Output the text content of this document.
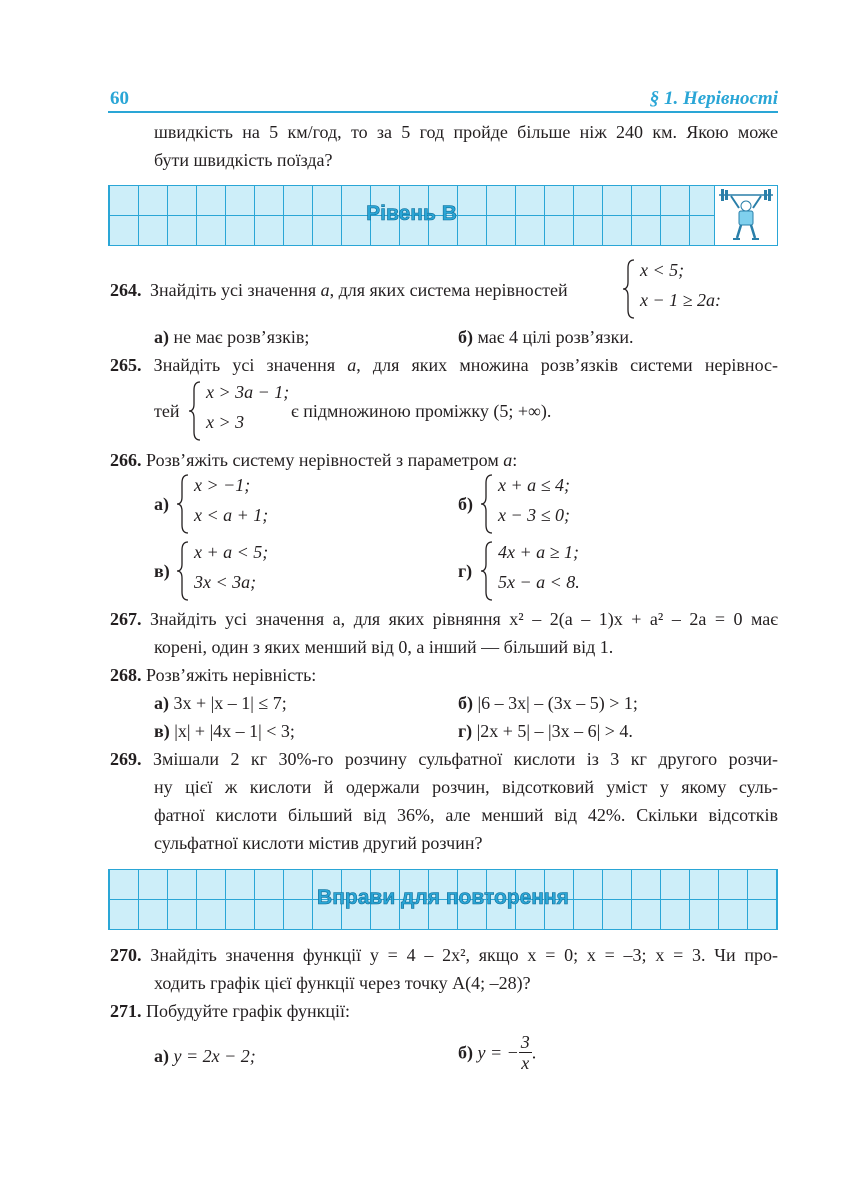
60	§ 1. Нерівності
швидкість на 5 км/год, то за 5 год пройде більше ніж 240 км. Якою може
бути швидкість поїзда?
Рівень В
264. Знайдіть усі значення a, для яких система нерівностей
x < 5;
x − 1 ≥ 2a:
а) не має розв’язків;	б) має 4 цілі розв’язки.
265. Знайдіть усі значення a, для яких множина розв’язків системи нерівнос-
тей
x > 3a − 1;
x > 3
є підмножиною проміжку (5; +∞).
266. Розв’яжіть систему нерівностей з параметром a:
а)
x > −1;
x < a + 1;
б)
x + a ≤ 4;
x − 3 ≤ 0;
в)
x + a < 5;
3x < 3a;
г)
4x + a ≥ 1;
5x − a < 8.
267. Знайдіть усі значення a, для яких рівняння x² – 2(a – 1)x + a² – 2a = 0 має
корені, один з яких менший від 0, а інший — більший від 1.
268. Розв’яжіть нерівність:
а) 3x + |x – 1| ≤ 7;	б) |6 – 3x| – (3x – 5) > 1;
в) |x| + |4x – 1| < 3;	г) |2x + 5| – |3x – 6| > 4.
269. Змішали 2 кг 30%-го розчину сульфатної кислоти із 3 кг другого розчи-
ну цієї ж кислоти й одержали розчин, відсотковий уміст у якому суль-
фатної кислоти більший від 36%, але менший від 42%. Скільки відсотків
сульфатної кислоти містив другий розчин?
Вправи для повторення
270. Знайдіть значення функції y = 4 – 2x², якщо x = 0; x = –3; x = 3. Чи про-
ходить графік цієї функції через точку A(4; –28)?
271. Побудуйте графік функції:
а) y = 2x − 2;	б) y = − $\frac{3}{x}$ .
